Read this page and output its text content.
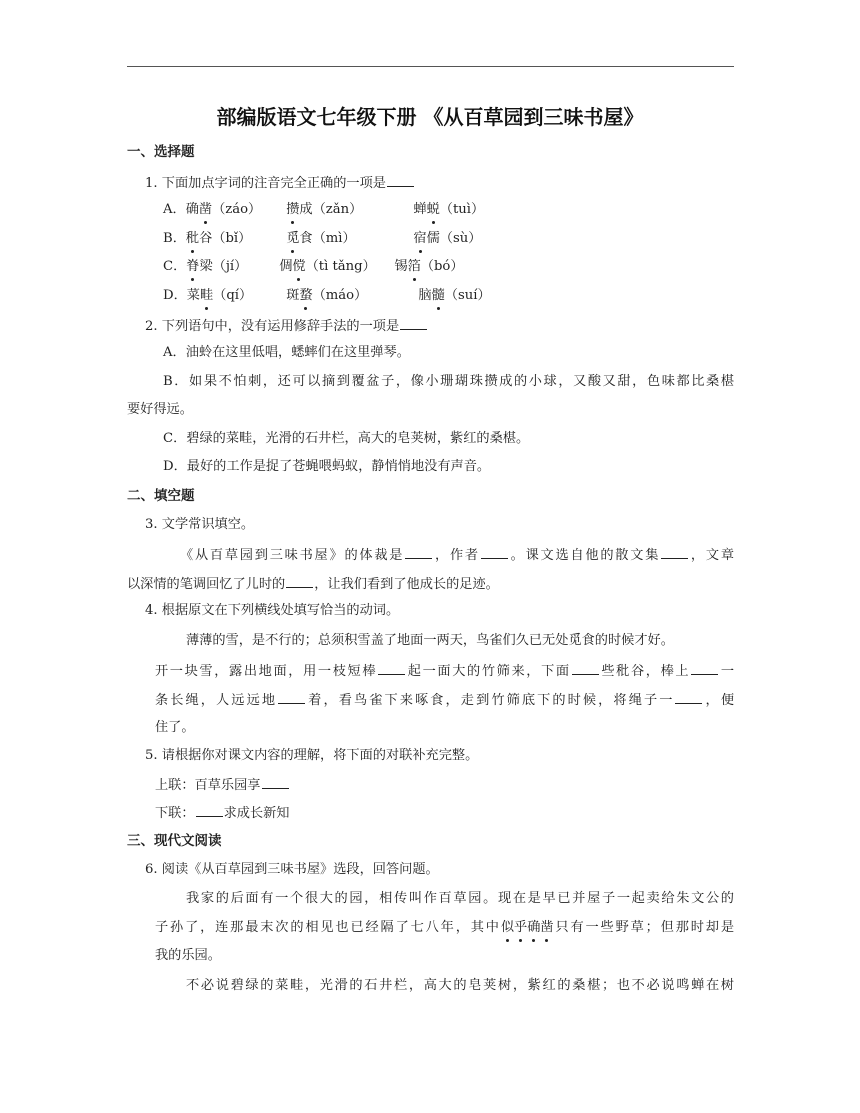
部编版语文七年级下册 《从百草园到三味书屋》
一、选择题
1. 下面加点字词的注音完全正确的一项是
A．确凿（záo） 攒成（zǎn）	蝉蜕（tuì）
B．秕谷（bǐ）	觅食（mì）	宿儒（sù）
C．脊梁（jí） 倜傥（tì tǎng） 锡箔（bó）
D．菜畦（qí）	斑蝥（máo）	脑髓（suí）
2. 下列语句中，没有运用修辞手法的一项是
A．油蛉在这里低唱，蟋蟀们在这里弹琴。
B．如果不怕刺，还可以摘到覆盆子，像小珊瑚珠攒成的小球，又酸又甜，色味都比桑椹
要好得远。
C．碧绿的菜畦，光滑的石井栏，高大的皂荚树，紫红的桑椹。
D．最好的工作是捉了苍蝇喂蚂蚁，静悄悄地没有声音。
二、填空题
3. 文学常识填空。
《从百草园到三味书屋》的体裁是 ，作者 。课文选自他的散文集 ，文章
以深情的笔调回忆了儿时的 ，让我们看到了他成长的足迹。
4. 根据原文在下列横线处填写恰当的动词。
薄薄的雪，是不行的；总须积雪盖了地面一两天，鸟雀们久已无处觅食的时候才好。
开一块雪，露出地面，用一枝短棒 起一面大的竹筛来，下面 些秕谷，棒上 一
条长绳，人远远地 着，看鸟雀下来啄食，走到竹筛底下的时候，将绳子一 ，便
住了。
5. 请根据你对课文内容的理解，将下面的对联补充完整。
上联：百草乐园享
下联： 求成长新知
三、现代文阅读
6. 阅读《从百草园到三味书屋》选段，回答问题。
我家的后面有一个很大的园，相传叫作百草园。现在是早已并屋子一起卖给朱文公的
子孙了，连那最末次的相见也已经隔了七八年，其中似乎确凿只有一些野草；但那时却是
我的乐园。
不必说碧绿的菜畦，光滑的石井栏，高大的皂荚树，紫红的桑椹；也不必说鸣蝉在树
